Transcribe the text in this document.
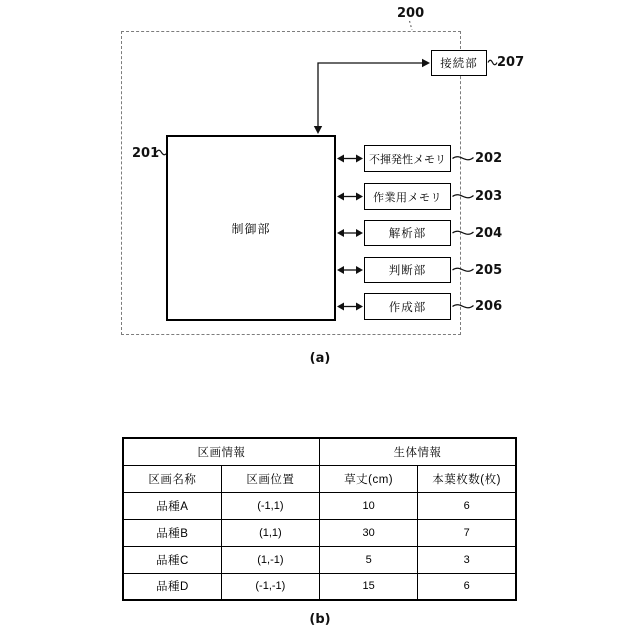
制御部
接続部
不揮発性メモリ
作業用メモリ
解析部
判断部
作成部
200
201	202
203
204
205
206
207
(a)
区画情報		生体情報	
区画名称	区画位置	草丈(cm)	本葉枚数(枚)
品種A	(-1,1)	10	6
品種B	(1,1)	30	7
品種C	(1,-1)	5	3
品種D	(-1,-1)	15	6
(b)
